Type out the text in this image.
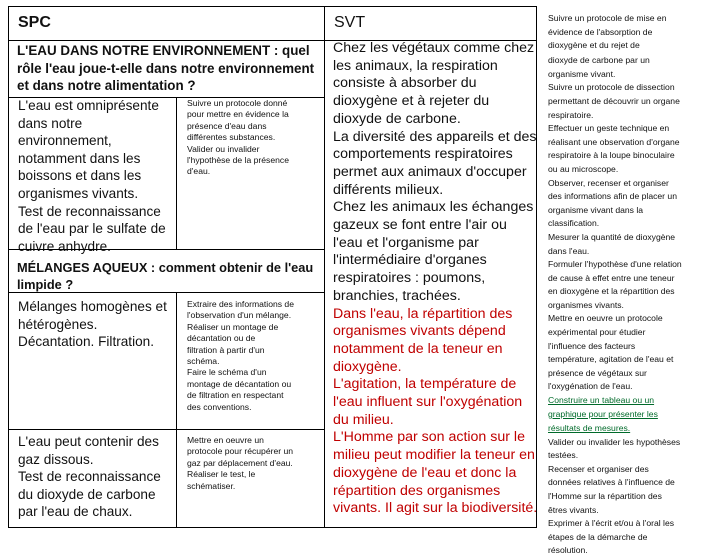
SPC
L'EAU DANS NOTRE ENVIRONNEMENT : quel rôle l'eau joue-t-elle dans notre environnement et dans notre alimentation ?

L'eau est omniprésente

dans notre

environnement,

notamment dans les

boissons et dans les

organismes vivants.

Test de reconnaissance

de l'eau par le sulfate de

cuivre anhydre.

Suivre un protocole donné

pour mettre en évidence la

présence d'eau dans

différentes substances.

Valider ou invalider

l'hypothèse de la présence

d'eau.

MÉLANGES AQUEUX : comment obtenir de l'eau limpide ?

Mélanges homogènes et

hétérogènes.

Décantation. Filtration.

Extraire des informations de

l'observation d'un mélange.

Réaliser un montage de

décantation ou de

filtration à partir d'un

schéma.

Faire le schéma d'un

montage de décantation ou

de filtration en respectant

des conventions.

L'eau peut contenir des

gaz dissous.

Test de reconnaissance

du dioxyde de carbone

par l'eau de chaux.

Mettre en oeuvre un

protocole pour récupérer un

gaz par déplacement d'eau.

Réaliser le test, le

schématiser.

SVT

Chez les végétaux comme chez

les animaux, la respiration

consiste à absorber du

dioxygène et à rejeter du

dioxyde de carbone.

La diversité des appareils et des

comportements respiratoires

permet aux animaux d'occuper

différents milieux.

Chez les animaux les échanges

gazeux se font entre l'air ou

l'eau et l'organisme par

l'intermédiaire d'organes

respiratoires : poumons,

branchies, trachées.

Dans l'eau, la répartition des

organismes vivants dépend

notamment de la teneur en

dioxygène.

L'agitation, la température de

l'eau influent sur l'oxygénation

du milieu.

L'Homme par son action sur le

milieu peut modifier la teneur en

dioxygène de l'eau et donc la

répartition des organismes

vivants. Il agit sur la biodiversité.

Suivre un protocole de mise en

évidence de l'absorption de

dioxygène et du rejet de

dioxyde de carbone par un

organisme vivant.

Suivre un protocole de dissection

permettant de découvrir un organe

respiratoire.

Effectuer un geste technique en

réalisant une observation d'organe

respiratoire à la loupe binoculaire

ou au microscope.

Observer, recenser et organiser

des informations afin de placer un

organisme vivant dans la

classification.

Mesurer la quantité de dioxygène

dans l'eau.

Formuler l'hypothèse d'une relation

de cause à effet entre une teneur

en dioxygène et la répartition des

organismes vivants.

Mettre en oeuvre un protocole

expérimental pour étudier

l'influence des facteurs

température, agitation de l'eau et

présence de végétaux sur

l'oxygénation de l'eau.

Construire un tableau ou un

graphique pour présenter les

résultats de mesures.

Valider ou invalider les hypothèses

testées.

Recenser et organiser des

données relatives à l'influence de

l'Homme sur la répartition des

êtres vivants.

Exprimer à l'écrit et/ou à l'oral les

étapes de la démarche de

résolution.
